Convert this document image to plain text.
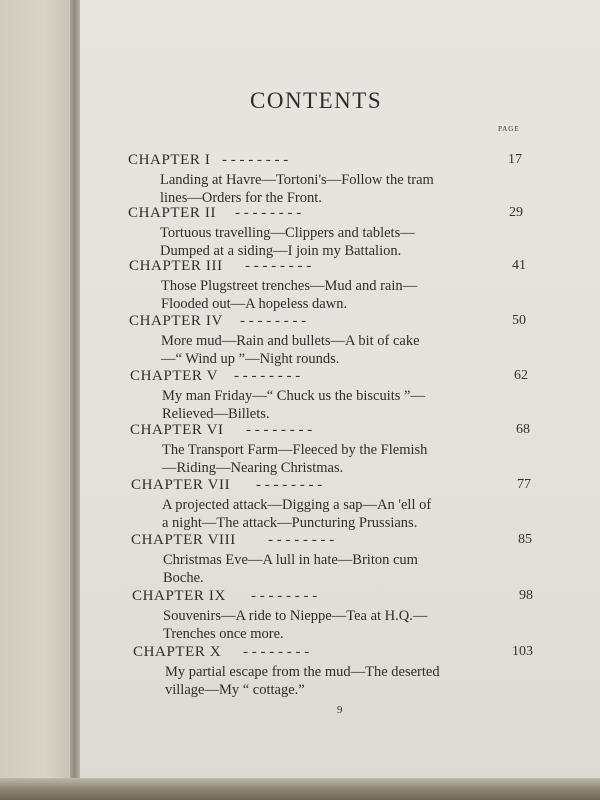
CONTENTS
PAGE
CHAPTER I - - - - - - - -	17
Landing at Havre—Tortoni's—Follow the tram
lines—Orders for the Front.
CHAPTER II - - - - - - - -	29
Tortuous travelling—Clippers and tablets—
Dumped at a siding—I join my Battalion.
CHAPTER III - - - - - - - -	41
Those Plugstreet trenches—Mud and rain—
Flooded out—A hopeless dawn.
CHAPTER IV - - - - - - - -	50
More mud—Rain and bullets—A bit of cake
—“ Wind up ”—Night rounds.
CHAPTER V - - - - - - - -	62
My man Friday—“ Chuck us the biscuits ”—
Relieved—Billets.
CHAPTER VI - - - - - - - -	68
The Transport Farm—Fleeced by the Flemish
—Riding—Nearing Christmas.
CHAPTER VII - - - - - - - -	77
A projected attack—Digging a sap—An 'ell of
a night—The attack—Puncturing Prussians.
CHAPTER VIII - - - - - - - -	85
Christmas Eve—A lull in hate—Briton cum
Boche.
CHAPTER IX - - - - - - - -	98
Souvenirs—A ride to Nieppe—Tea at H.Q.—
Trenches once more.
CHAPTER X - - - - - - - -	103
My partial escape from the mud—The deserted
village—My “ cottage.”
9
